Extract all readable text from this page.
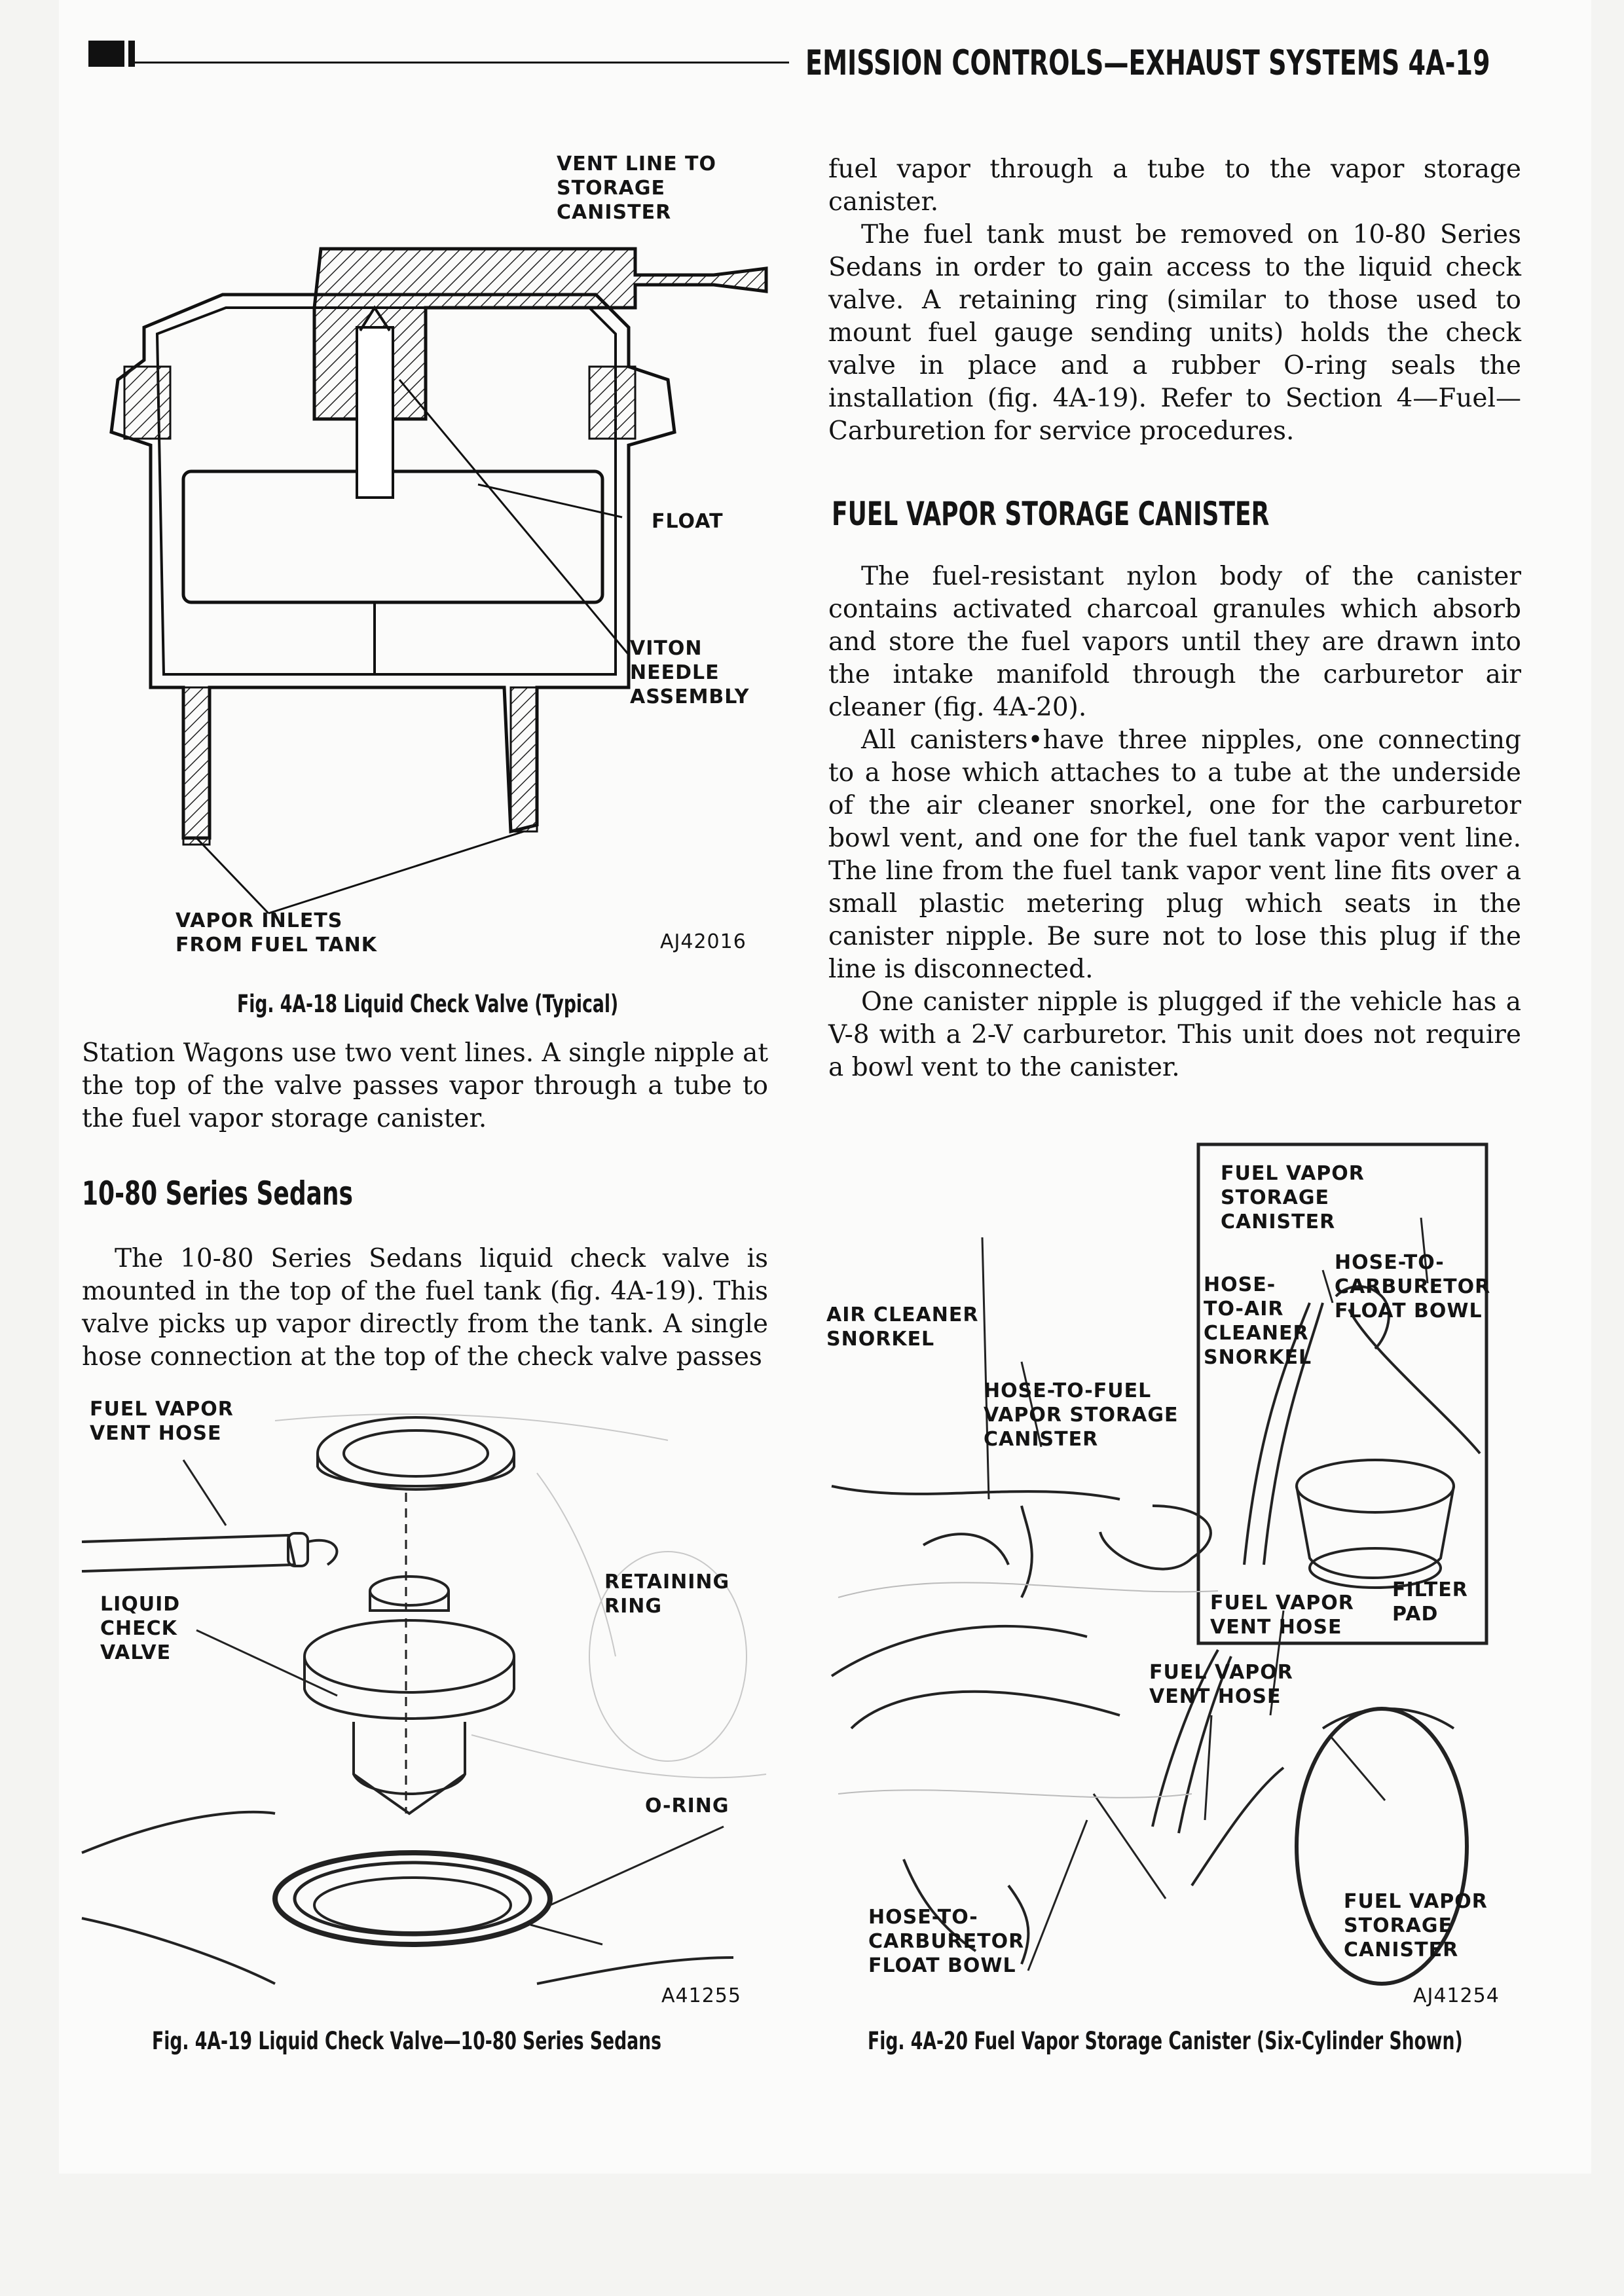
EMISSION CONTROLS—EXHAUST SYSTEMS 4A-19
VENT LINE TO
STORAGE
CANISTER
FLOAT
VITON
NEEDLE
ASSEMBLY
VAPOR INLETS
FROM FUEL TANK	AJ42016
Fig. 4A-18 Liquid Check Valve (Typical)

Station Wagons use two vent lines. A single nipple at the top of the valve passes vapor through a tube to the fuel vapor storage canister.

10-80 Series Sedans

The 10-80 Series Sedans liquid check valve is mounted in the top of the fuel tank (fig. 4A-19). This valve picks up vapor directly from the tank. A single hose connection at the top of the check valve passes

FUEL VAPOR
VENT HOSE
LIQUID
CHECK
VALVE
RETAINING
RING
O-RING
A41255
Fig. 4A-19 Liquid Check Valve—10-80 Series Sedans

fuel vapor through a tube to the vapor storage canister.

The fuel tank must be removed on 10-80 Series Sedans in order to gain access to the liquid check valve. A retaining ring (similar to those used to mount fuel gauge sending units) holds the check valve in place and a rubber O-ring seals the installation (fig. 4A-19). Refer to Section 4—Fuel—Carburetion for service procedures.

FUEL VAPOR STORAGE CANISTER

The fuel-resistant nylon body of the canister contains activated charcoal granules which absorb and store the fuel vapors until they are drawn into the intake manifold through the carburetor air cleaner (fig. 4A-20).

All canisters•have three nipples, one connecting to a hose which attaches to a tube at the underside of the air cleaner snorkel, one for the carburetor bowl vent, and one for the fuel tank vapor vent line. The line from the fuel tank vapor vent line fits over a small plastic metering plug which seats in the canister nipple. Be sure not to lose this plug if the line is disconnected.

One canister nipple is plugged if the vehicle has a V-8 with a 2-V carburetor. This unit does not require a bowl vent to the canister.

FUEL VAPOR
STORAGE
CANISTER
HOSE-
TO-AIR
CLEANER
SNORKEL
HOSE-TO-
CARBURETOR
FLOAT BOWL
AIR CLEANER
SNORKEL
HOSE-TO-FUEL
VAPOR STORAGE
CANISTER
FILTER
PAD
FUEL VAPOR
VENT HOSE
FUEL VAPOR
VENT HOSE
HOSE-TO-
CARBURETOR
FLOAT BOWL
FUEL VAPOR
STORAGE
CANISTER
AJ41254
Fig. 4A-20 Fuel Vapor Storage Canister (Six-Cylinder Shown)
